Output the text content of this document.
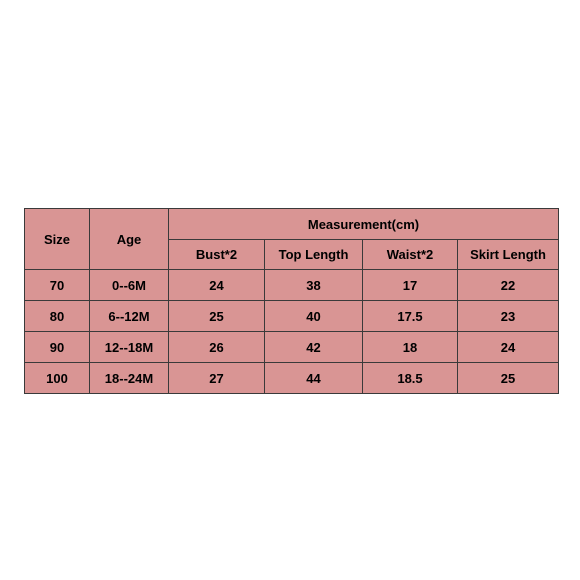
Size	Age	Measurement(cm)			
		Bust*2	Top Length	Waist*2	Skirt Length
70	0--6M	24	38	17	22
80	6--12M	25	40	17.5	23
90	12--18M	26	42	18	24
100	18--24M	27	44	18.5	25
